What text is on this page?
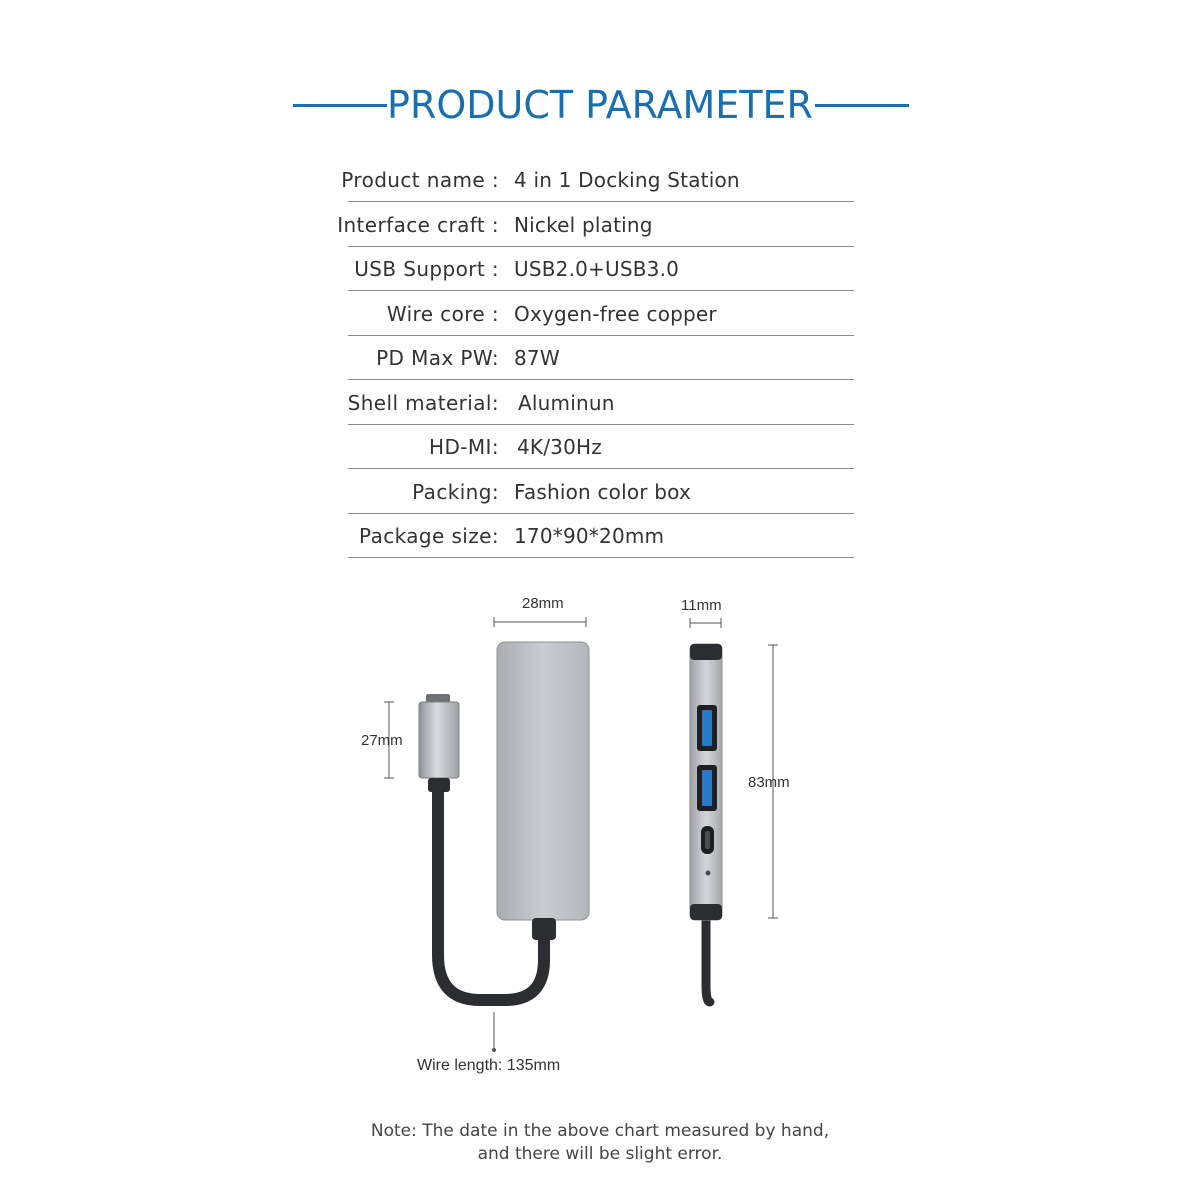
PRODUCT PARAMETER
Product name : 4 in 1 Docking Station
Interface craft : Nickel plating
USB Support : USB2.0+USB3.0
Wire core : Oxygen-free copper
PD Max PW: 87W
Shell material: Aluminun
HD-MI: 4K/30Hz
Packing: Fashion color box
Package size: 170*90*20mm
28mm	11mm
27mm
83mm
Wire length: 135mm
Note: The date in the above chart measured by hand,
and there will be slight error.
